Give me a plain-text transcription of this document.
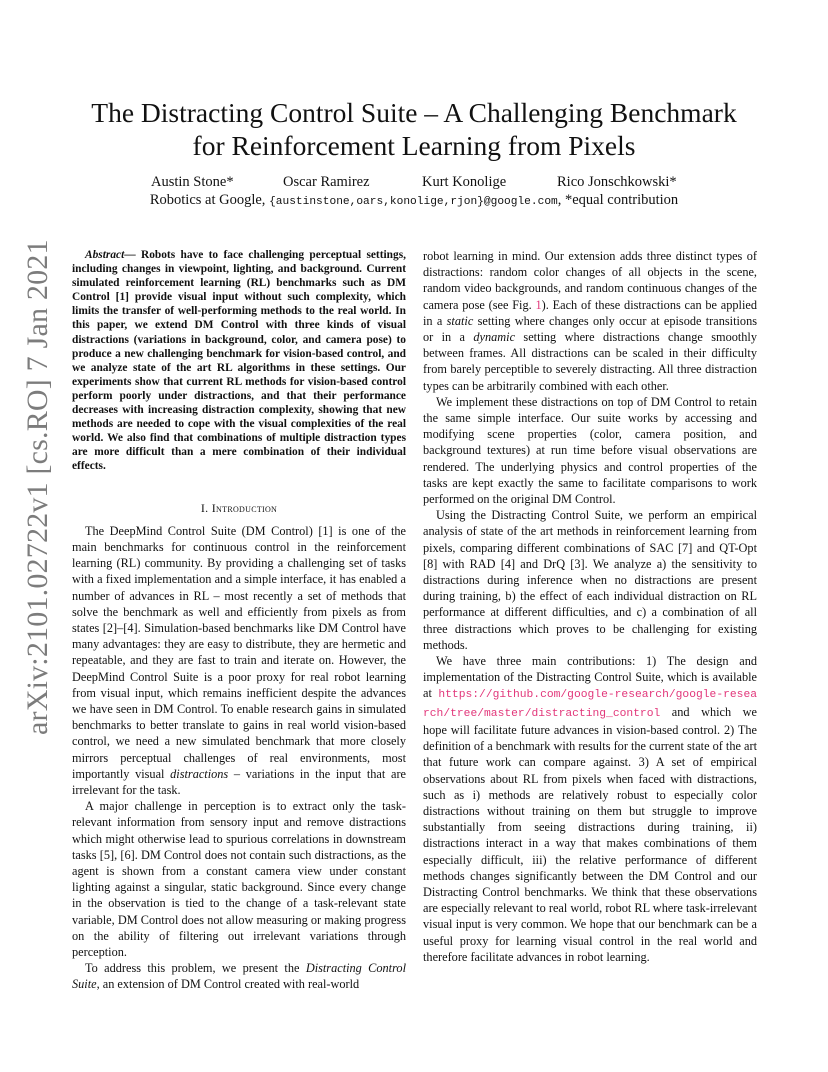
arXiv:2101.02722v1 [cs.RO] 7 Jan 2021
The Distracting Control Suite – A Challenging Benchmark
for Reinforcement Learning from Pixels
Austin Stone*	Oscar Ramirez	Kurt Konolige	Rico Jonschkowski*
Robotics at Google, {austinstone,oars,konolige,rjon}@google.com, *equal contribution

Abstract— Robots have to face challenging perceptual settings, including changes in viewpoint, lighting, and background. Current simulated reinforcement learning (RL) benchmarks such as DM Control [1] provide visual input without such complexity, which limits the transfer of well-performing methods to the real world. In this paper, we extend DM Control with three kinds of visual distractions (variations in background, color, and camera pose) to produce a new challenging benchmark for vision-based control, and we analyze state of the art RL algorithms in these settings. Our experiments show that current RL methods for vision-based control perform poorly under distractions, and that their performance decreases with increasing distraction complexity, showing that new methods are needed to cope with the visual complexities of the real world. We also find that combinations of multiple distraction types are more difficult than a mere combination of their individual effects.

I. Introduction

The DeepMind Control Suite (DM Control) [1] is one of the main benchmarks for continuous control in the reinforcement learning (RL) community. By providing a challenging set of tasks with a fixed implementation and a simple interface, it has enabled a number of advances in RL – most recently a set of methods that solve the benchmark as well and efficiently from pixels as from states [2]–[4]. Simulation-based benchmarks like DM Control have many advantages: they are easy to distribute, they are hermetic and repeatable, and they are fast to train and iterate on. However, the DeepMind Control Suite is a poor proxy for real robot learning from visual input, which remains inefficient despite the advances we have seen in DM Control. To enable research gains in simulated benchmarks to better translate to gains in real world vision-based control, we need a new simulated benchmark that more closely mirrors perceptual challenges of real environments, most importantly visual distractions – variations in the input that are irrelevant for the task.

A major challenge in perception is to extract only the task-relevant information from sensory input and remove distractions which might otherwise lead to spurious correlations in downstream tasks [5], [6]. DM Control does not contain such distractions, as the agent is shown from a constant camera view under constant lighting against a singular, static background. Since every change in the observation is tied to the change of a task-relevant state variable, DM Control does not allow measuring or making progress on the ability of filtering out irrelevant variations through perception.

To address this problem, we present the Distracting Control Suite, an extension of DM Control created with real-world

robot learning in mind. Our extension adds three distinct types of distractions: random color changes of all objects in the scene, random video backgrounds, and random continuous changes of the camera pose (see Fig. 1). Each of these distractions can be applied in a static setting where changes only occur at episode transitions or in a dynamic setting where distractions change smoothly between frames. All distractions can be scaled in their difficulty from barely perceptible to severely distracting. All three distraction types can be arbitrarily combined with each other.

We implement these distractions on top of DM Control to retain the same simple interface. Our suite works by accessing and modifying scene properties (color, camera position, and background textures) at run time before visual observations are rendered. The underlying physics and control properties of the tasks are kept exactly the same to facilitate comparisons to work performed on the original DM Control.

Using the Distracting Control Suite, we perform an empirical analysis of state of the art methods in reinforcement learning from pixels, comparing different combinations of SAC [7] and QT-Opt [8] with RAD [4] and DrQ [3]. We analyze a) the sensitivity to distractions during inference when no distractions are present during training, b) the effect of each individual distraction on RL performance at different difficulties, and c) a combination of all three distractions which proves to be challenging for existing methods.

We have three main contributions: 1) The design and implementation of the Distracting Control Suite, which is available at https://github.com/google-research/google-research/tree/master/distracting_control and which we hope will facilitate future advances in vision-based control. 2) The definition of a benchmark with results for the current state of the art that future work can compare against. 3) A set of empirical observations about RL from pixels when faced with distractions, such as i) methods are relatively robust to especially color distractions without training on them but struggle to improve substantially from seeing distractions during training, ii) distractions interact in a way that makes combinations of them especially difficult, iii) the relative performance of different methods changes significantly between the DM Control and our Distracting Control benchmarks. We think that these observations are especially relevant to real world, robot RL where task-irrelevant visual input is very common. We hope that our benchmark can be a useful proxy for learning visual control in the real world and therefore facilitate advances in robot learning.
